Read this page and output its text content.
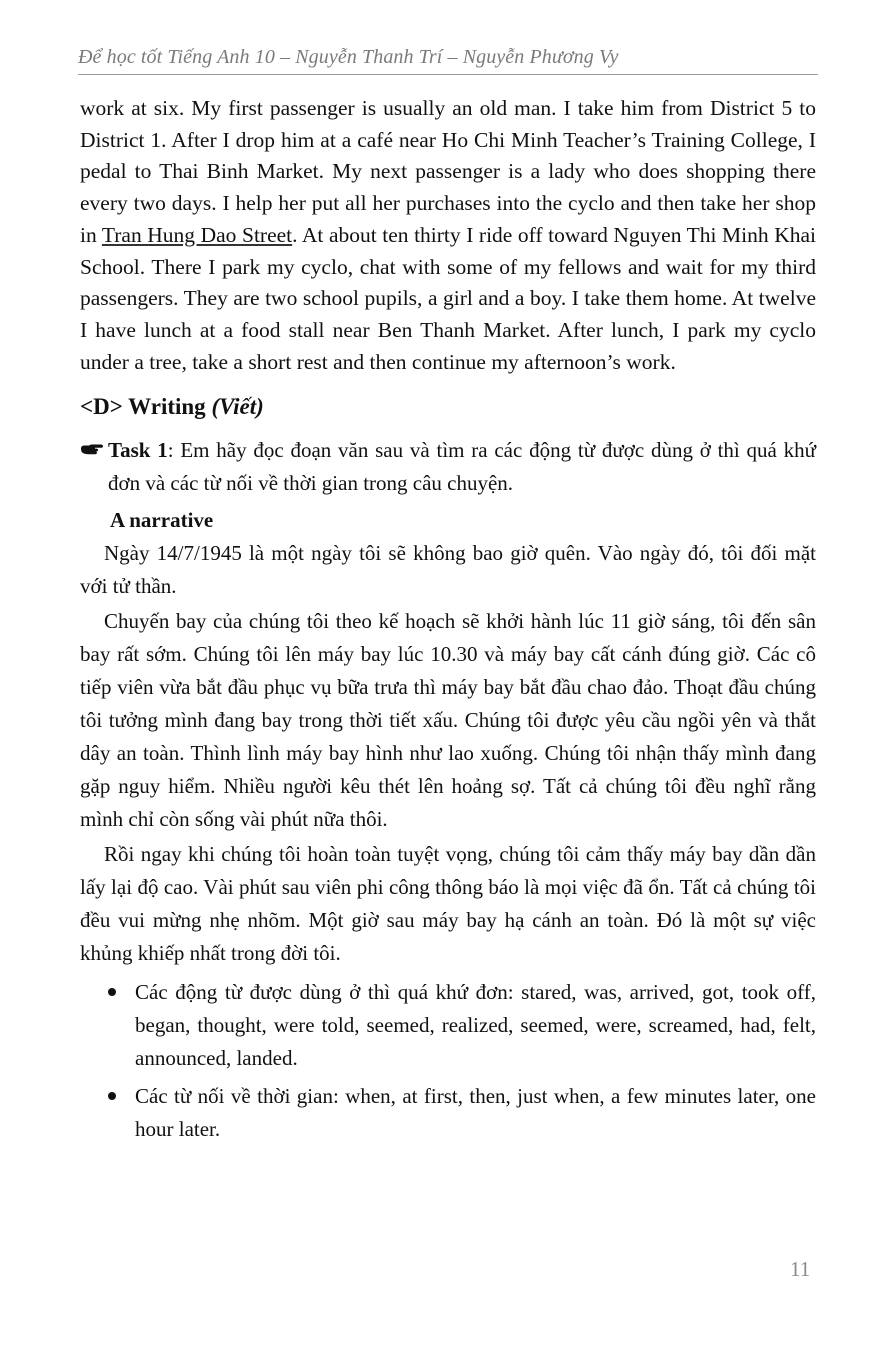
Để học tốt Tiếng Anh 10 – Nguyễn Thanh Trí – Nguyễn Phương Vy

work at six. My first passenger is usually an old man. I take him from District 5 to District 1. After I drop him at a café near Ho Chi Minh Teacher’s Training College, I pedal to Thai Binh Market. My next passenger is a lady who does shopping there every two days. I help her put all her purchases into the cyclo and then take her shop in Tran Hung Dao Street. At about ten thirty I ride off toward Nguyen Thi Minh Khai School. There I park my cyclo, chat with some of my fellows and wait for my third passengers. They are two school pupils, a girl and a boy. I take them home. At twelve I have lunch at a food stall near Ben Thanh Market. After lunch, I park my cyclo under a tree, take a short rest and then continue my afternoon’s work.

<D> Writing (Viết)
Task 1: Em hãy đọc đoạn văn sau và tìm ra các động từ được dùng ở thì quá khứ đơn và các từ nối về thời gian trong câu chuyện.
A narrative

Ngày 14/7/1945 là một ngày tôi sẽ không bao giờ quên. Vào ngày đó, tôi đối mặt với tử thần.

Chuyến bay của chúng tôi theo kế hoạch sẽ khởi hành lúc 11 giờ sáng, tôi đến sân bay rất sớm. Chúng tôi lên máy bay lúc 10.30 và máy bay cất cánh đúng giờ. Các cô tiếp viên vừa bắt đầu phục vụ bữa trưa thì máy bay bắt đầu chao đảo. Thoạt đầu chúng tôi tưởng mình đang bay trong thời tiết xấu. Chúng tôi được yêu cầu ngồi yên và thắt dây an toàn. Thình lình máy bay hình như lao xuống. Chúng tôi nhận thấy mình đang gặp nguy hiểm. Nhiều người kêu thét lên hoảng sợ. Tất cả chúng tôi đều nghĩ rằng mình chỉ còn sống vài phút nữa thôi.

Rồi ngay khi chúng tôi hoàn toàn tuyệt vọng, chúng tôi cảm thấy máy bay dần dần lấy lại độ cao. Vài phút sau viên phi công thông báo là mọi việc đã ổn. Tất cả chúng tôi đều vui mừng nhẹ nhõm. Một giờ sau máy bay hạ cánh an toàn. Đó là một sự việc khủng khiếp nhất trong đời tôi.

Các động từ được dùng ở thì quá khứ đơn: stared, was, arrived, got, took off, began, thought, were told, seemed, realized, seemed, were, screamed, had, felt, announced, landed.
Các từ nối về thời gian: when, at first, then, just when, a few minutes later, one hour later.
11
